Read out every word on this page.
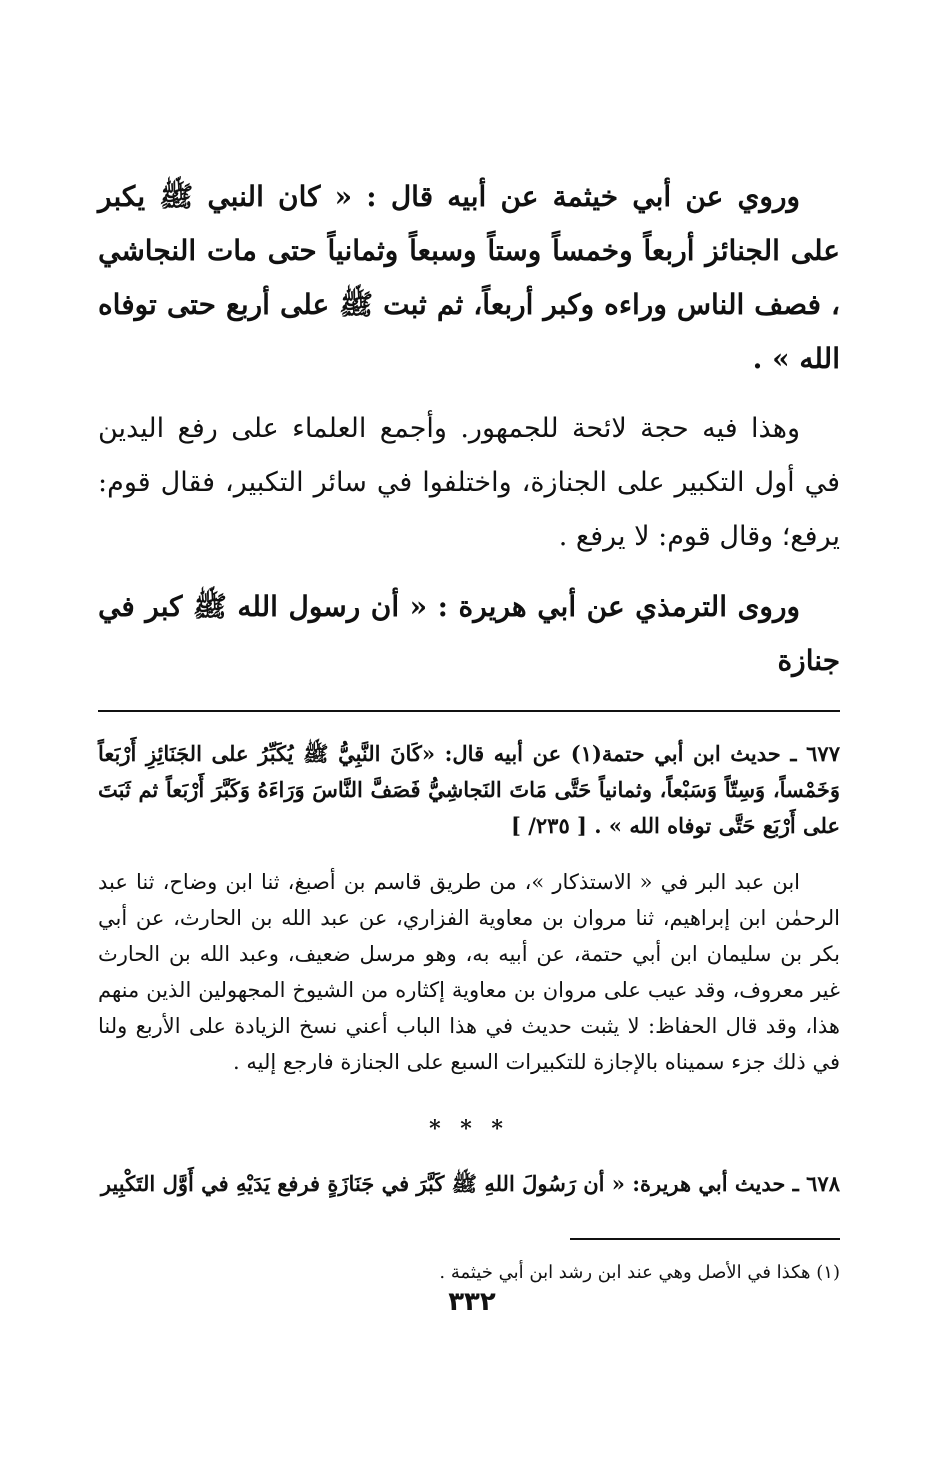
وروي عن أبي خيثمة عن أبيه قال : « كان النبي ﷺ يكبر على الجنائز أربعاً وخمساً وستاً وسبعاً وثمانياً حتى مات النجاشي ، فصف الناس وراءه وكبر أربعاً، ثم ثبت ﷺ على أربع حتى توفاه الله » .

وهذا فيه حجة لائحة للجمهور. وأجمع العلماء على رفع اليدين في أول التكبير على الجنازة، واختلفوا في سائر التكبير، فقال قوم: يرفع؛ وقال قوم: لا يرفع .

وروى الترمذي عن أبي هريرة : « أن رسول الله ﷺ كبر في جنازة

٦٧٧ ـ حديث ابن أبي حتمة(١) عن أبيه قال: «كَانَ النَّبِيُّ ﷺ يُكَبِّرُ على الجَنَائِزِ أَرْبَعاً وَخَمْساً، وَسِتّاً وَسَبْعاً، وثمانياً حَتَّى مَاتَ النَجاشِيُّ فَصَفَّ النَّاسَ وَرَاءَهُ وَكَبَّرَ أَرْبَعاً ثم ثَبَتَ على أَرْبَع حَتَّى توفاه الله » . [ ٢٣٥/ ]

ابن عبد البر في « الاستذكار »، من طريق قاسم بن أصبغ، ثنا ابن وضاح، ثنا عبد الرحمٰن ابن إبراهيم، ثنا مروان بن معاوية الفزاري، عن عبد الله بن الحارث، عن أبي بكر بن سليمان ابن أبي حتمة، عن أبيه به، وهو مرسل ضعيف، وعبد الله بن الحارث غير معروف، وقد عيب على مروان بن معاوية إكثاره من الشيوخ المجهولين الذين منهم هذا، وقد قال الحفاظ: لا يثبت حديث في هذا الباب أعني نسخ الزيادة على الأربع ولنا في ذلك جزء سميناه بالإجازة للتكبيرات السبع على الجنازة فارجع إليه .

* * *

٦٧٨ ـ حديث أبي هريرة: « أن رَسُولَ اللهِ ﷺ كَبَّرَ في جَنَازَةٍ فرفع يَدَيْهِ في أَوَّل التَكْبِير

(١) هكذا في الأصل وهي عند ابن رشد ابن أبي خيثمة .

٣٣٢
